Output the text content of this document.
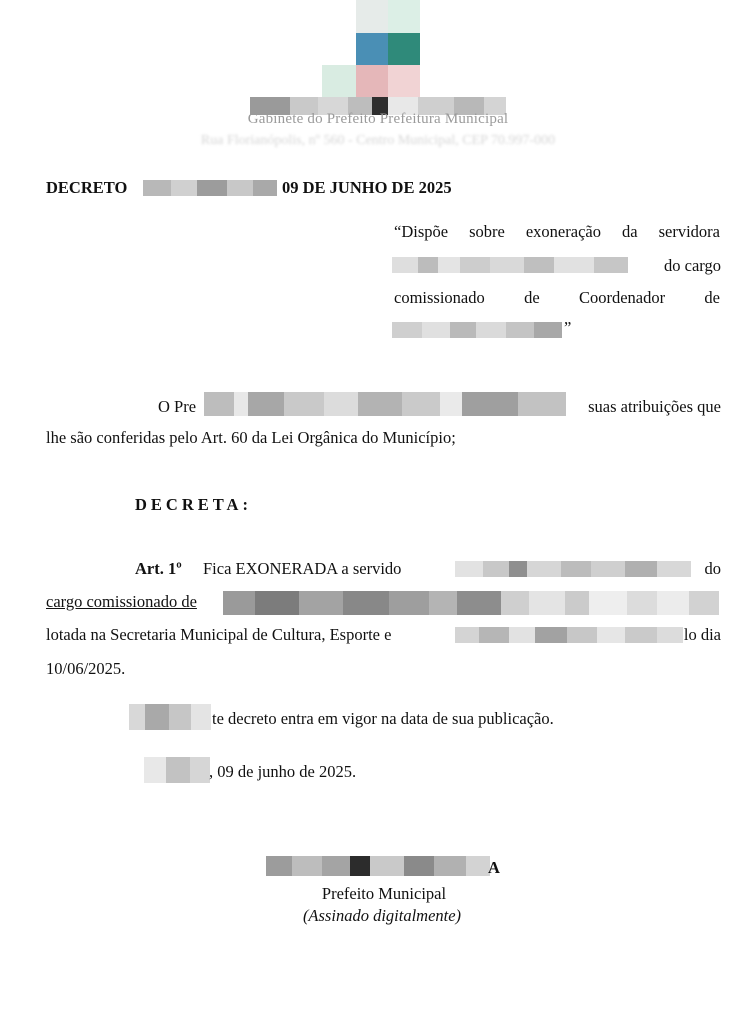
Gabinete do Prefeito Prefeitura Municipal
Rua Florianópolis, nº 560 - Centro Municipal, CEP 70.997-000
DECRETO	09 DE JUNHO DE 2025
“Dispõe sobre exoneração da servidora
do cargo
comissionado de Coordenador de
”
O Pre	suas atribuições que
lhe são conferidas pelo Art. 60 da Lei Orgânica do Município;
DECRETA:
Art. 1º Fica EXONERADA a servido	do
cargo comissionado de
lotada na Secretaria Municipal de Cultura, Esporte e	lo dia
10/06/2025.
te decreto entra em vigor na data de sua publicação.
, 09 de junho de 2025.
A
Prefeito Municipal
(Assinado digitalmente)
